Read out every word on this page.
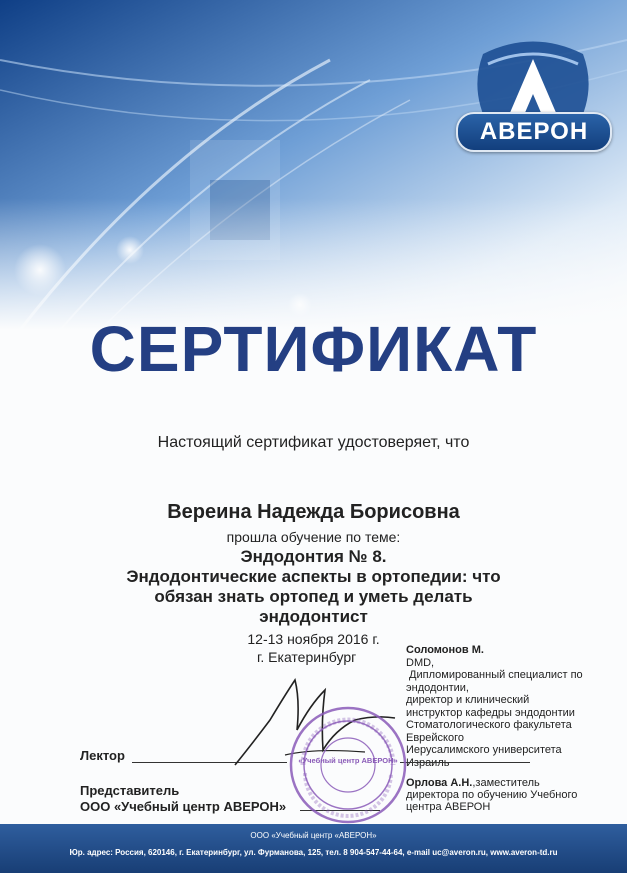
АВЕРОН
СЕРТИФИКАТ
Настоящий сертификат удостоверяет, что
Вереина Надежда Борисовна
прошла обучение по теме:
Эндодонтия № 8.
Эндодонтические аспекты в ортопедии: что
обязан знать ортопед и уметь делать
эндодонтист
12-13 ноября 2016 г.
г. Екатеринбург	Соломонов М.
DMD,
Дипломированный специалист по
эндодонтии,
директор и клинический
инструктор кафедры эндодонтии
Стоматологического факультета
Еврейского
Иерусалимского университета
Израиль
Лектор
Представитель
ООО «Учебный центр АВЕРОН»
Орлова А.Н.,заместитель
директора по обучению Учебного
центра АВЕРОН
«Учебный центр АВЕРОН»
ООО «Учебный центр «АВЕРОН»
Юр. адрес: Россия, 620146, г. Екатеринбург, ул. Фурманова, 125, тел. 8 904-547-44-64, e-mail uc@averon.ru, www.averon-td.ru
